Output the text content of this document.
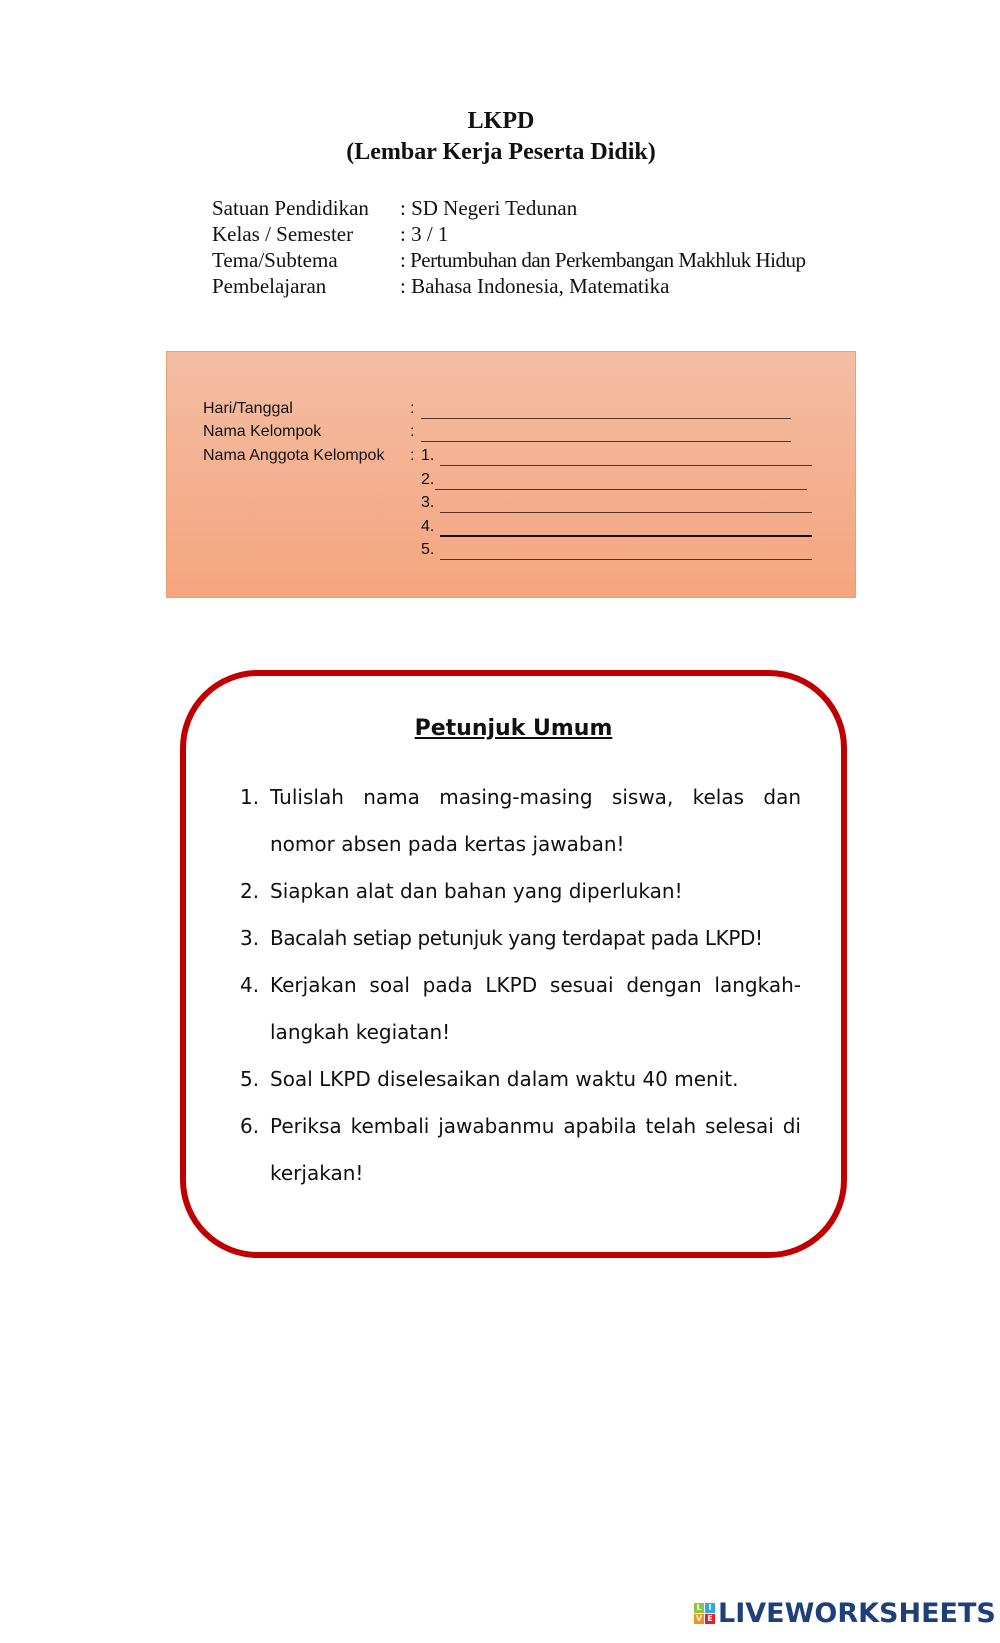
LKPD
(Lembar Kerja Peserta Didik)
Satuan Pendidikan : SD Negeri Tedunan
Kelas / Semester : 3 / 1
Tema/Subtema	: Pertumbuhan dan Perkembangan Makhluk Hidup
Pembelajaran	: Bahasa Indonesia, Matematika
Hari/Tanggal	:
Nama Kelompok	:
Nama Anggota Kelompok : 1.
2.
3.
4.
5.
Petunjuk Umum
1. Tulislah nama masing-masing siswa, kelas dan nomor absen pada kertas jawaban!
2. Siapkan alat dan bahan yang diperlukan!
3. Bacalah setiap petunjuk yang terdapat pada LKPD!
4. Kerjakan soal pada LKPD sesuai dengan langkah-langkah kegiatan!
5. Soal LKPD diselesaikan dalam waktu 40 menit.
6. Periksa kembali jawabanmu apabila telah selesai di kerjakan!
L I
V E LIVEWORKSHEETS
